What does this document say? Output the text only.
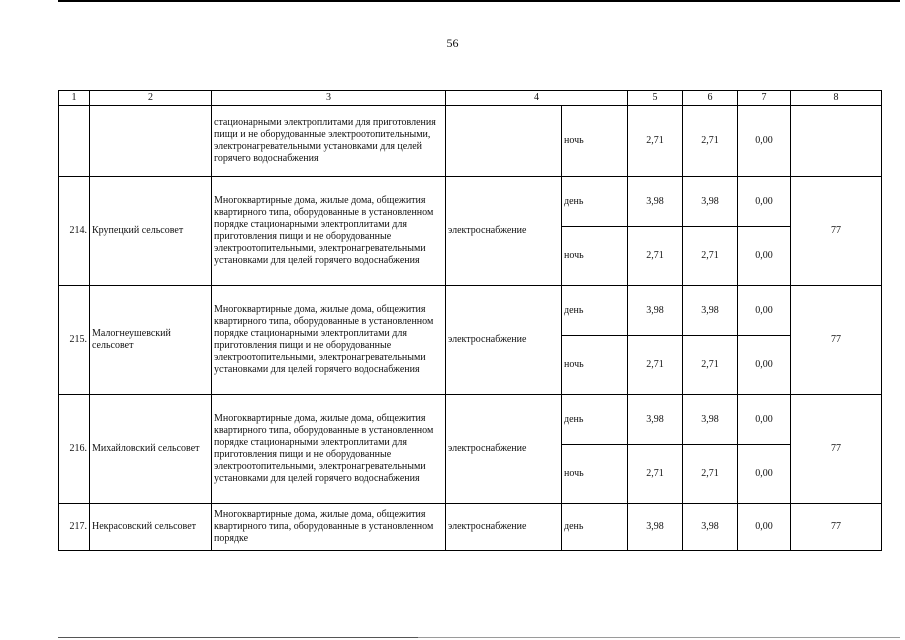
56
1	2	3	4		5	6	7	8
		стационарными электроплитами для приготовления пищи и не оборудованные электроотопительными, электронагревательными установками для целей горячего водоснабжения		ночь	2,71	2,71	0,00	
214.	Крупецкий сельсовет	Многоквартирные дома, жилые дома, общежития квартирного типа, оборудованные в установленном порядке стационарными электроплитами для приготовления пищи и не оборудованные электроотопительными, электронагревательными установками для целей горячего водоснабжения	электроснабжение	день	3,98	3,98	0,00	77
				ночь	2,71	2,71	0,00	
215.	Малогнеушевский сельсовет	Многоквартирные дома, жилые дома, общежития квартирного типа, оборудованные в установленном порядке стационарными электроплитами для приготовления пищи и не оборудованные электроотопительными, электронагревательными установками для целей горячего водоснабжения	электроснабжение	день	3,98	3,98	0,00	77
				ночь	2,71	2,71	0,00	
216.	Михайловский сельсовет	Многоквартирные дома, жилые дома, общежития квартирного типа, оборудованные в установленном порядке стационарными электроплитами для приготовления пищи и не оборудованные электроотопительными, электронагревательными установками для целей горячего водоснабжения	электроснабжение	день	3,98	3,98	0,00	77
				ночь	2,71	2,71	0,00	
217.	Некрасовский сельсовет	Многоквартирные дома, жилые дома, общежития квартирного типа, оборудованные в установленном порядке	электроснабжение	день	3,98	3,98	0,00	77
